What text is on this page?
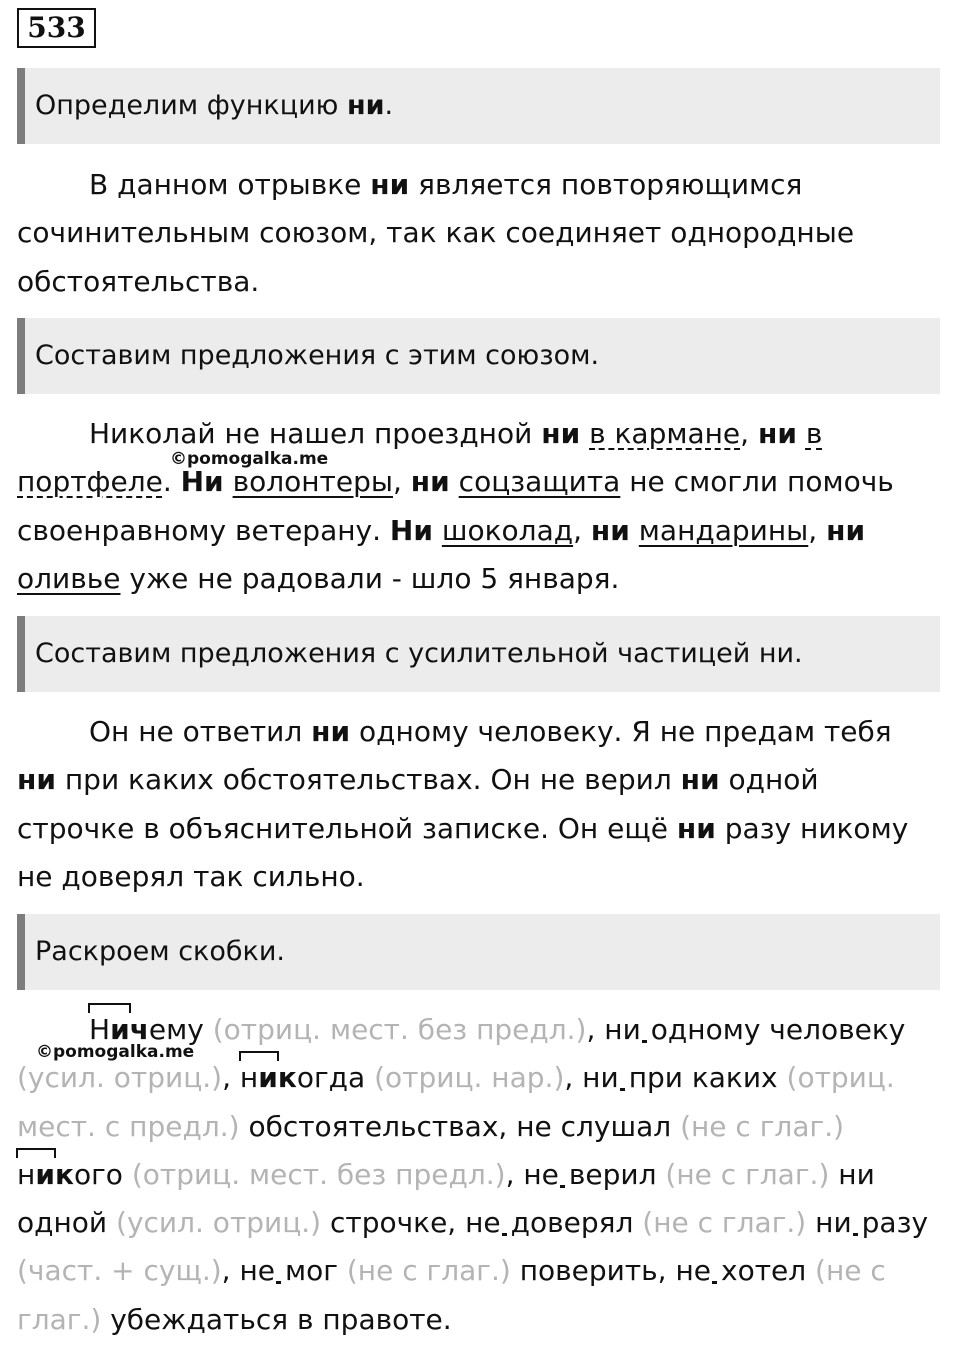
533
Определим функцию ни.

В данном отрывке ни является повторяющимся

сочинительным союзом, так как соединяет однородные

обстоятельства.

Составим предложения с этим союзом.

Николай не нашел проездной ни в кармане, ни в

портфеле. Ни волонтеры, ни соцзащита не смогли помочь

своенравному ветерану. Ни шоколад, ни мандарины, ни

оливье уже не радовали - шло 5 января.

©pomogalka.me
Составим предложения с усилительной частицей ни.

Он не ответил ни одному человеку. Я не предам тебя

ни при каких обстоятельствах. Он не верил ни одной

строчке в объяснительной записке. Он ещё ни разу никому

не доверял так сильно.

Раскроем скобки.

Ничему (отриц. мест. без предл.), ни одному человеку

(усил. отриц.), никогда (отриц. нар.), ни при каких (отриц.

мест. с предл.) обстоятельствах, не слушал (не с глаг.)

никого (отриц. мест. без предл.), не верил (не с глаг.) ни

одной (усил. отриц.) строчке, не доверял (не с глаг.) ни разу

(част. + сущ.), не мог (не с глаг.) поверить, не хотел (не с

глаг.) убеждаться в правоте.

©pomogalka.me
